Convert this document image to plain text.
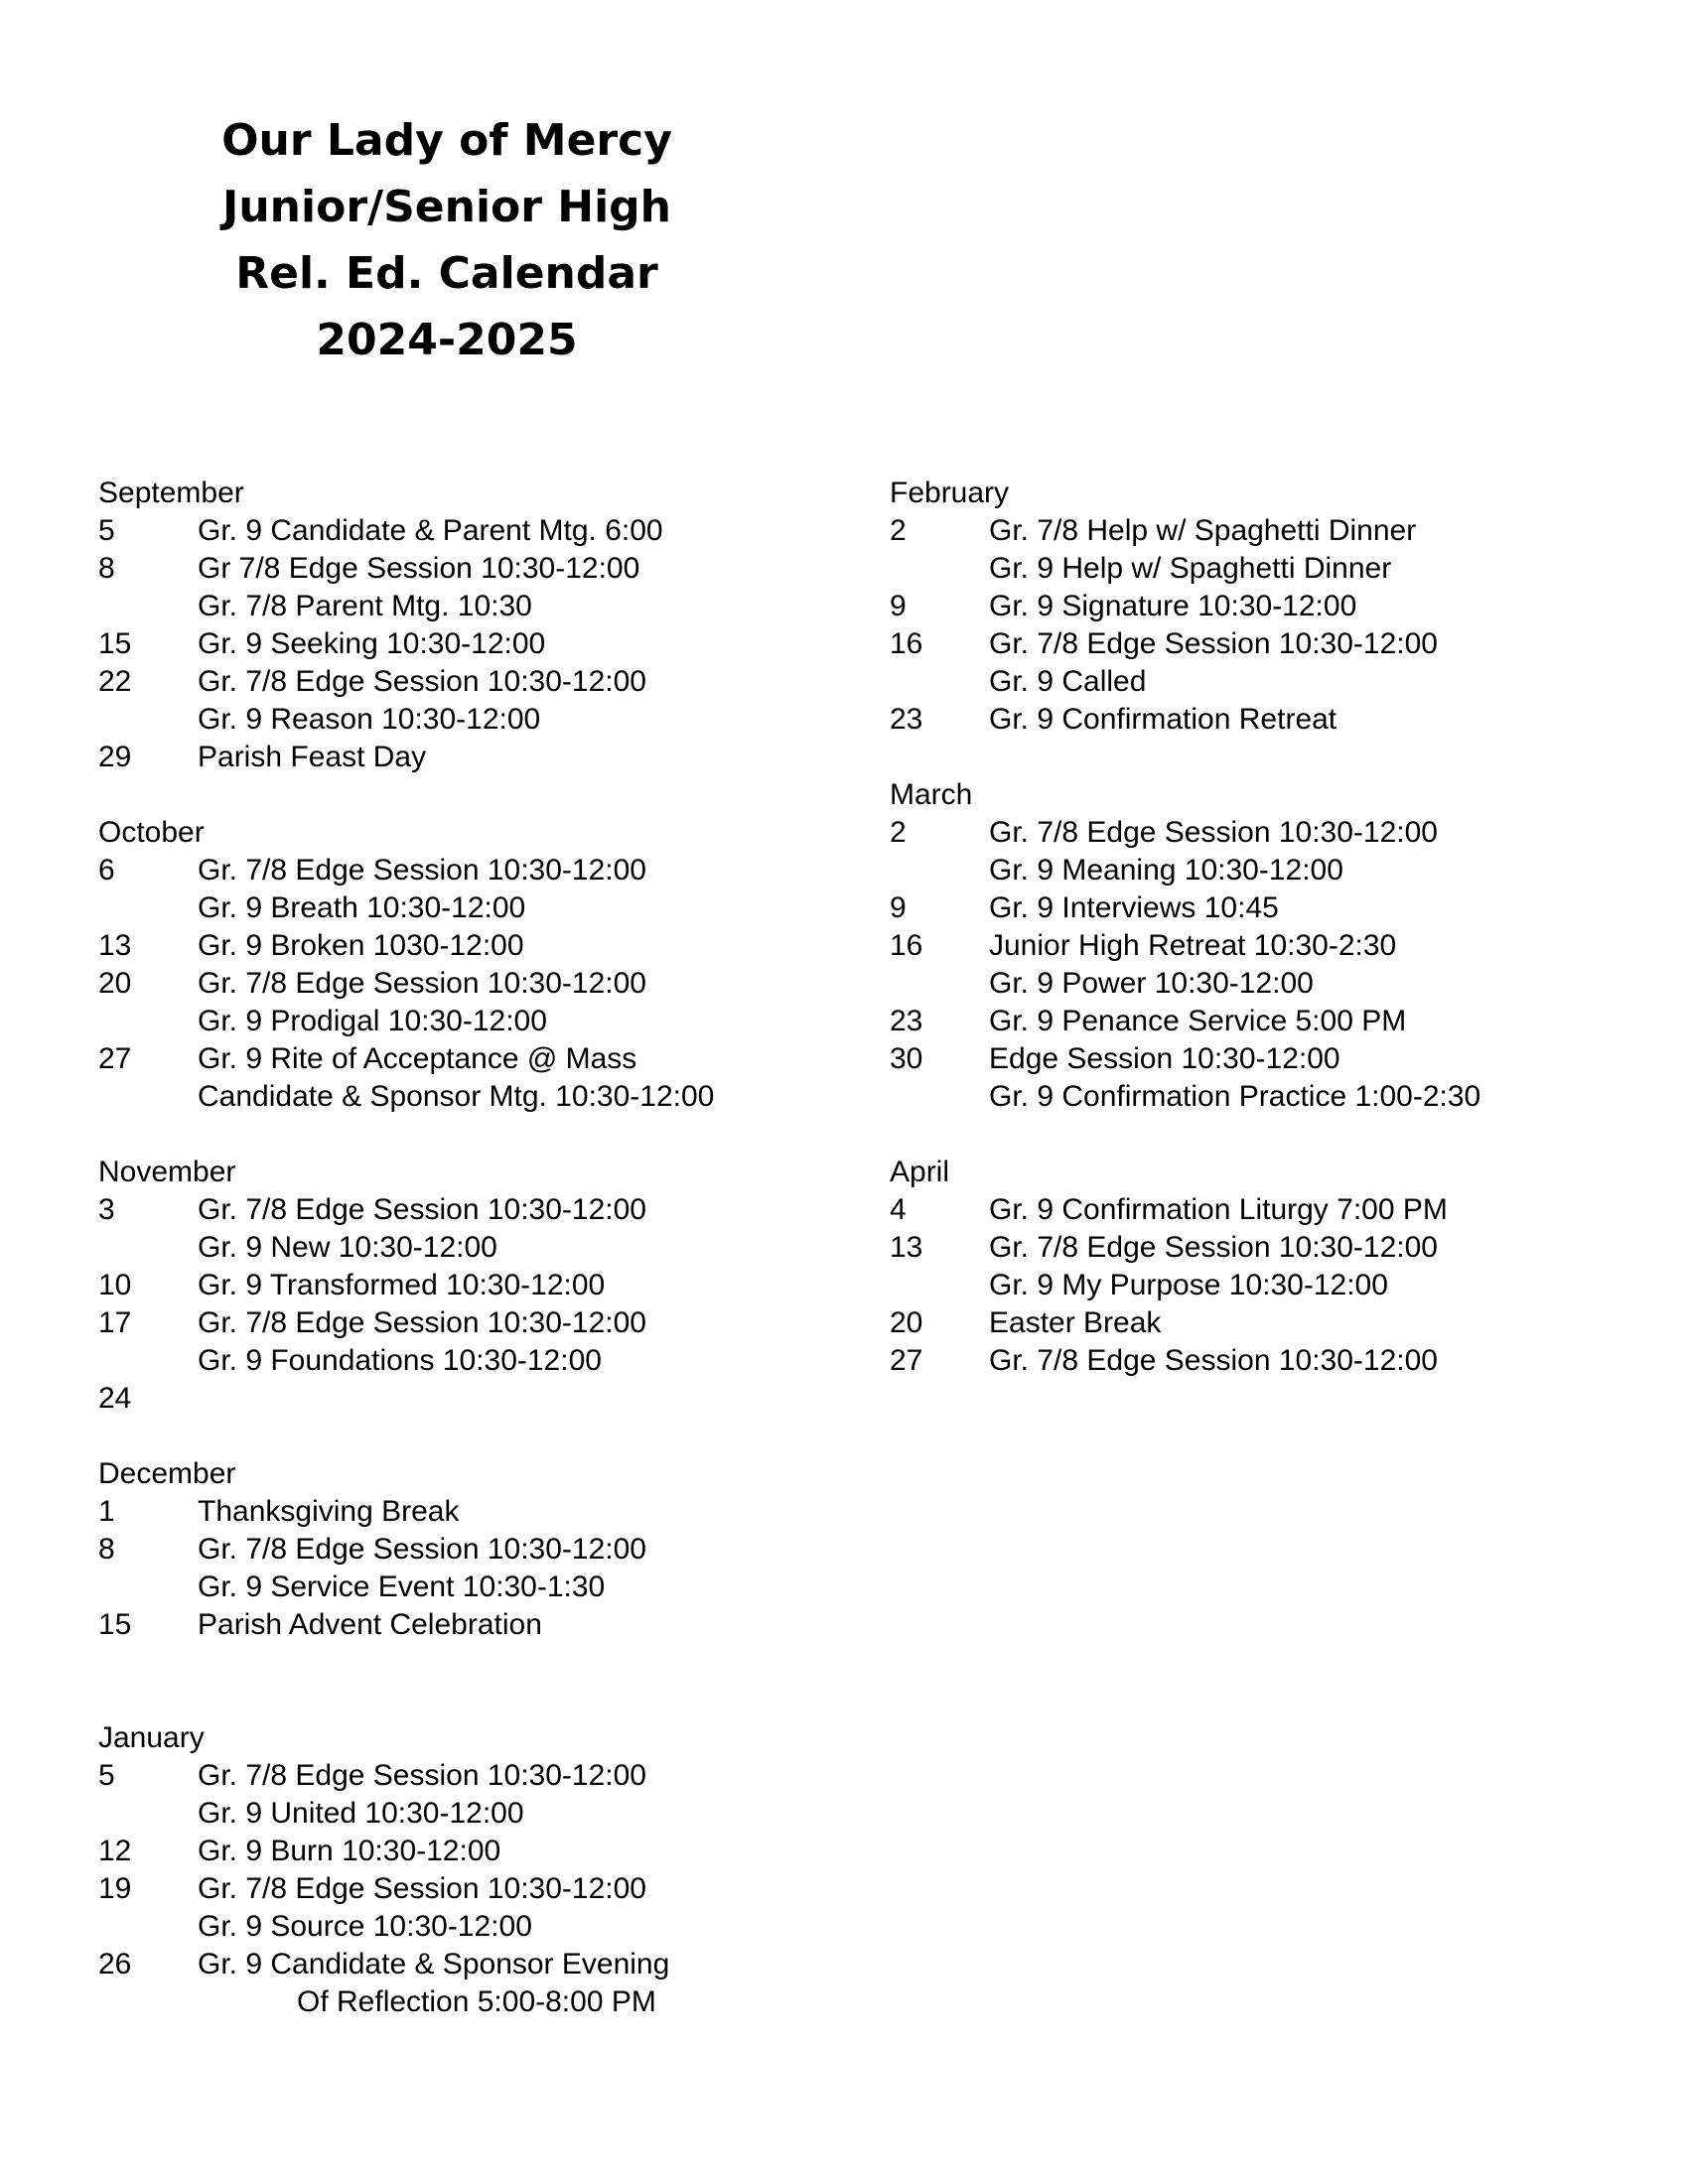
Our Lady of Mercy
Junior/Senior High
Rel. Ed. Calendar
2024-2025
September
5	Gr. 9 Candidate & Parent Mtg. 6:00
8	Gr 7/8 Edge Session 10:30-12:00
Gr. 7/8 Parent Mtg. 10:30
15	Gr. 9 Seeking 10:30-12:00
22	Gr. 7/8 Edge Session 10:30-12:00
Gr. 9 Reason 10:30-12:00
29	Parish Feast Day
October
6	Gr. 7/8 Edge Session 10:30-12:00
Gr. 9 Breath 10:30-12:00
13	Gr. 9 Broken 1030-12:00
20	Gr. 7/8 Edge Session 10:30-12:00
Gr. 9 Prodigal 10:30-12:00
27	Gr. 9 Rite of Acceptance @ Mass
Candidate & Sponsor Mtg. 10:30-12:00
November
3	Gr. 7/8 Edge Session 10:30-12:00
Gr. 9 New 10:30-12:00
10	Gr. 9 Transformed 10:30-12:00
17	Gr. 7/8 Edge Session 10:30-12:00
Gr. 9 Foundations 10:30-12:00
24
December
1	Thanksgiving Break
8	Gr. 7/8 Edge Session 10:30-12:00
Gr. 9 Service Event 10:30-1:30
15	Parish Advent Celebration
January
5	Gr. 7/8 Edge Session 10:30-12:00
Gr. 9 United 10:30-12:00
12	Gr. 9 Burn 10:30-12:00
19	Gr. 7/8 Edge Session 10:30-12:00
Gr. 9 Source 10:30-12:00
26	Gr. 9 Candidate & Sponsor Evening
Of Reflection 5:00-8:00 PM
February
2	Gr. 7/8 Help w/ Spaghetti Dinner
Gr. 9 Help w/ Spaghetti Dinner
9	Gr. 9 Signature 10:30-12:00
16	Gr. 7/8 Edge Session 10:30-12:00
Gr. 9 Called
23	Gr. 9 Confirmation Retreat
March
2	Gr. 7/8 Edge Session 10:30-12:00
Gr. 9 Meaning 10:30-12:00
9	Gr. 9 Interviews 10:45
16	Junior High Retreat 10:30-2:30
Gr. 9 Power 10:30-12:00
23	Gr. 9 Penance Service 5:00 PM
30	Edge Session 10:30-12:00
Gr. 9 Confirmation Practice 1:00-2:30
April
4	Gr. 9 Confirmation Liturgy 7:00 PM
13	Gr. 7/8 Edge Session 10:30-12:00
Gr. 9 My Purpose 10:30-12:00
20	Easter Break
27	Gr. 7/8 Edge Session 10:30-12:00
